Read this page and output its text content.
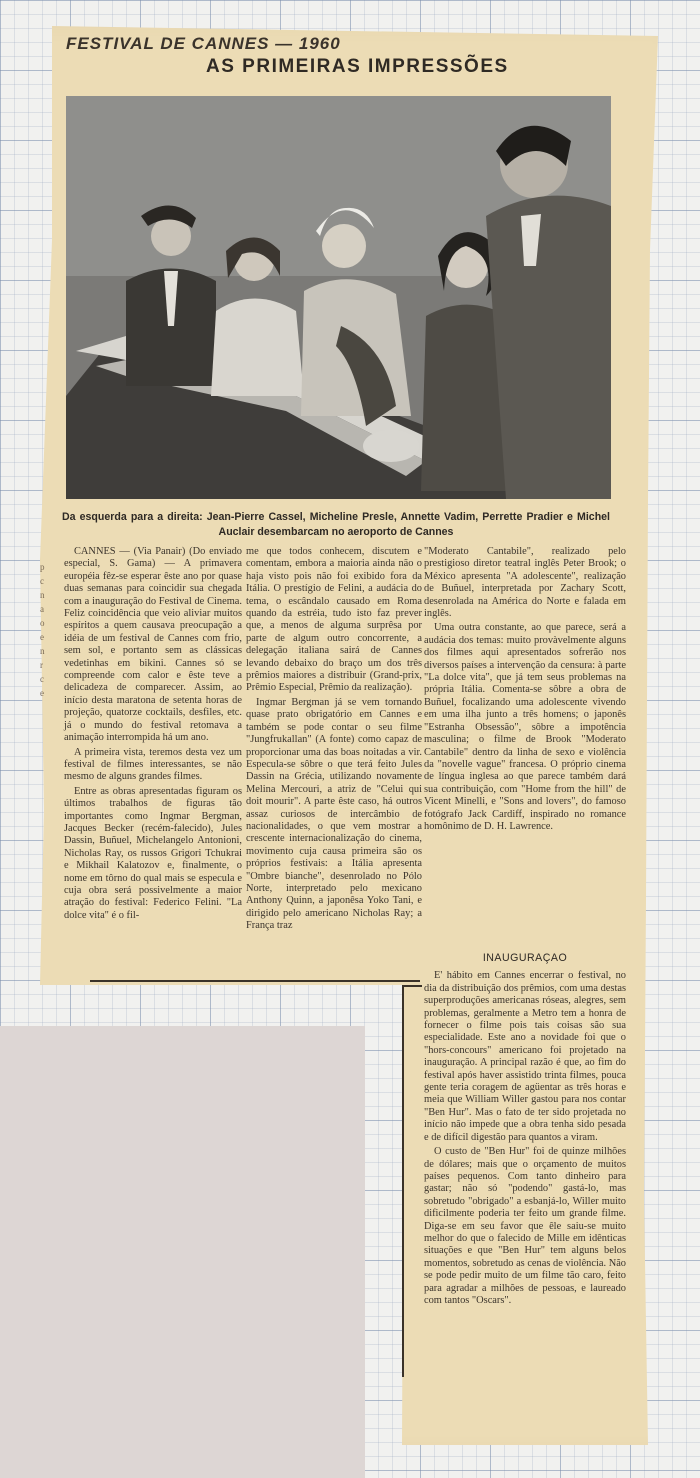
FESTIVAL DE CANNES — 1960
AS PRIMEIRAS IMPRESSÕES
Da esquerda para a direita: Jean-Pierre Cassel, Micheline Presle, Annette Vadim, Perrette Pradier e Michel Auclair desembarcam no aeroporto de Cannes
p
c
n
a
o
e
n
r
c
e

CANNES — (Via Panair) (Do enviado especial, S. Gama) — A primavera européia fêz-se esperar êste ano por quase duas semanas para coincidir sua chegada com a inauguração do Festival de Cinema. Feliz coincidência que veio aliviar muitos espíritos a quem causava preocupação a idéia de um festival de Cannes com frio, sem sol, e portanto sem as clássicas vedetinhas em bikini. Cannes só se compreende com calor e êste teve a delicadeza de comparecer. Assim, ao início desta maratona de setenta horas de projeção, quatorze cocktails, desfiles, etc. já o mundo do festival retomava a animação interrompida há um ano.

A primeira vista, teremos desta vez um festival de filmes interessantes, se não mesmo de alguns grandes filmes.

Entre as obras apresentadas figuram os últimos trabalhos de figuras tão importantes como Ingmar Bergman, Jacques Becker (recém-falecido), Jules Dassin, Buñuel, Michelangelo Antonioni, Nicholas Ray, os russos Grigori Tchukrai e Mikhail Kalatozov e, finalmente, o nome em tôrno do qual mais se especula e cuja obra será possivelmente a maior atração do festival: Federico Felini. "La dolce vita" é o fil-

me que todos conhecem, discutem e comentam, embora a maioria ainda não o haja visto pois não foi exibido fora da Itália. O prestígio de Felini, a audácia do tema, o escândalo causado em Roma quando da estréia, tudo isto faz prever que, a menos de alguma surprêsa por parte de algum outro concorrente, a delegação italiana sairá de Cannes levando debaixo do braço um dos três prêmios maiores a distribuir (Grand-prix, Prêmio Especial, Prêmio da realização).

Ingmar Bergman já se vem tornando quase prato obrigatório em Cannes e também se pode contar o seu filme "Jungfrukallan" (A fonte) como capaz de proporcionar uma das boas noitadas a vir. Especula-se sôbre o que terá feito Jules Dassin na Grécia, utilizando novamente Melina Mercouri, a atriz de "Celui qui doit mourir". A parte êste caso, há outros assaz curiosos de intercâmbio de nacionalidades, o que vem mostrar a crescente internacionalização do cinema, movimento cuja causa primeira são os próprios festivais: a Itália apresenta "Ombre bianche", desenrolado no Pólo Norte, interpretado pelo mexicano Anthony Quinn, a japonêsa Yoko Tani, e dirigido pelo americano Nicholas Ray; a França traz

"Moderato Cantabile", realizado pelo prestigioso diretor teatral inglês Peter Brook; o México apresenta "A adolescente", realização de Buñuel, interpretada por Zachary Scott, desenrolada na América do Norte e falada em inglês.

Uma outra constante, ao que parece, será a audácia dos temas: muito provàvelmente alguns dos filmes aqui apresentados sofrerão nos diversos países a intervenção da censura: à parte "La dolce vita", que já tem seus problemas na própria Itália. Comenta-se sôbre a obra de Buñuel, focalizando uma adolescente vivendo em uma ilha junto a três homens; o japonês "Estranha Obsessão", sôbre a impotência masculina; o filme de Brook "Moderato Cantabile" dentro da linha de sexo e violência da "novelle vague" francesa. O próprio cinema de língua inglesa ao que parece também dará sua contribuição, com "Home from the hill" de Vicent Minelli, e "Sons and lovers", do famoso fotógrafo Jack Cardiff, inspirado no romance homônimo de D. H. Lawrence.

INAUGURAÇAO

E' hábito em Cannes encerrar o festival, no dia da distribuição dos prêmios, com uma destas superproduções americanas róseas, alegres, sem problemas, geralmente a Metro tem a honra de fornecer o filme pois tais coisas são sua especialidade. Este ano a novidade foi que o "hors-concours" americano foi projetado na inauguração. A principal razão é que, ao fim do festival após haver assistido trinta filmes, pouca gente teria coragem de agüentar as três horas e meia que William Willer gastou para nos contar "Ben Hur". Mas o fato de ter sido projetada no início não impede que a obra tenha sido pesada e de difícil digestão para quantos a viram.

O custo de "Ben Hur" foi de quinze milhões de dólares; mais que o orçamento de muitos países pequenos. Com tanto dinheiro para gastar; não só "podendo" gastá-lo, mas sobretudo "obrigado" a esbanjá-lo, Willer muito dificilmente poderia ter feito um grande filme. Diga-se em seu favor que êle saiu-se muito melhor do que o falecido de Mille em idênticas situações e que "Ben Hur" tem alguns belos momentos, sobretudo as cenas de violência. Não se pode pedir muito de um filme tão caro, feito para agradar a milhões de pessoas, e laureado com tantos "Oscars".
